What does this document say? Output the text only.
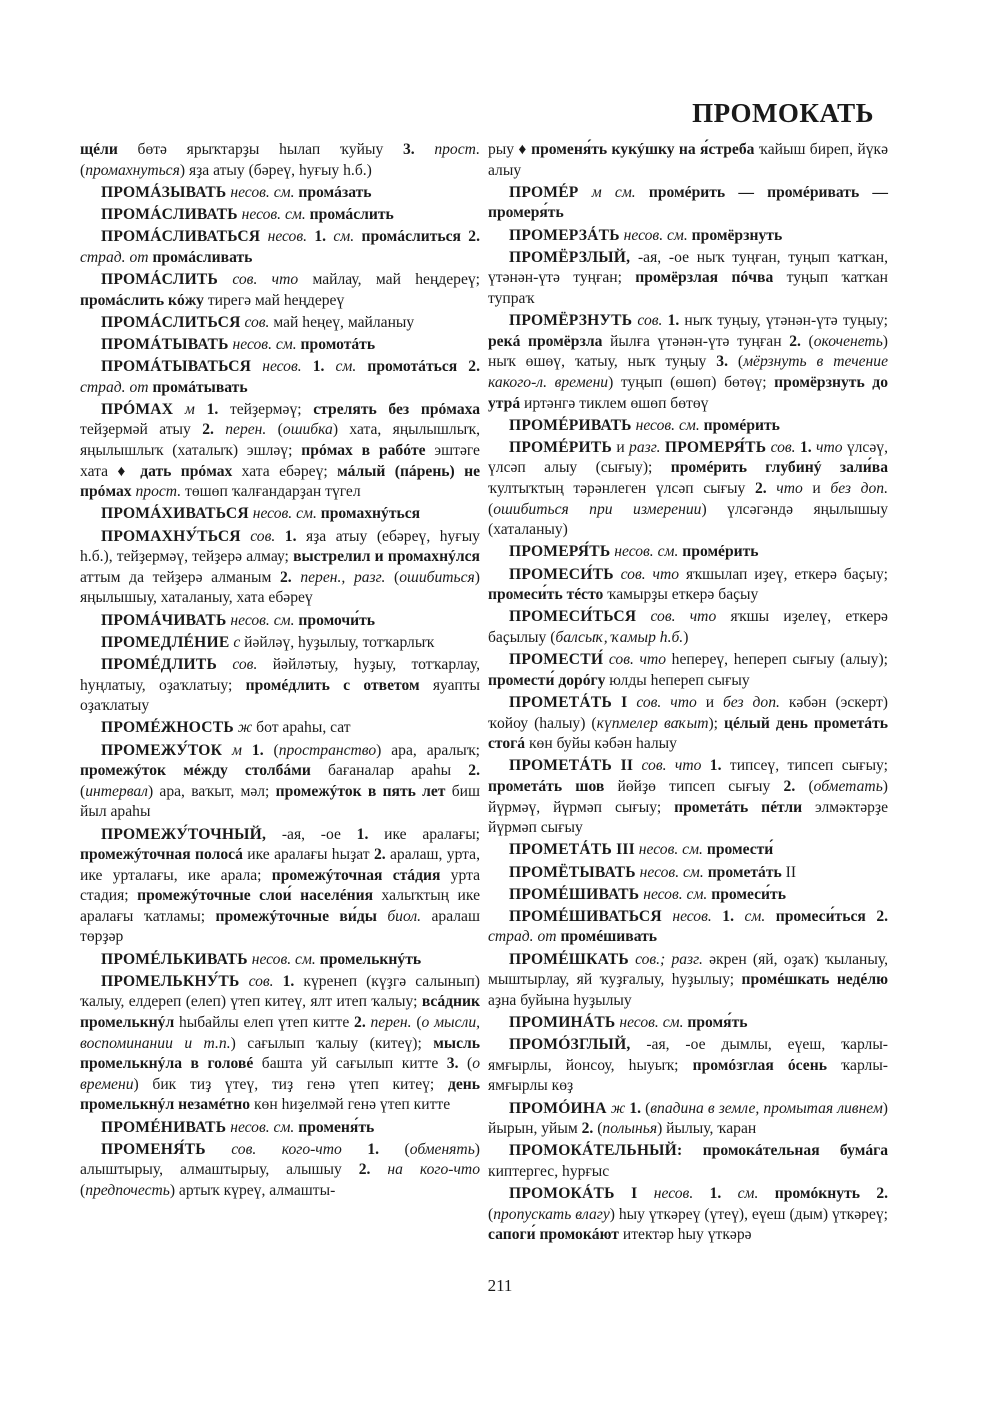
ПРОМОКАТЬ

щéли бөтә ярыҡтарҙы һылап ҡуйыу 3. прост. (промахнуться) яҙа атыу (бәреү, һуғыу һ.б.)

ПРОМÁЗЫВАТЬ несов. см. промáзать

ПРОМÁСЛИВАТЬ несов. см. промáслить

ПРОМÁСЛИВАТЬСЯ несов. 1. см. промáслиться 2. страд. от промáсливать

ПРОМÁСЛИТЬ сов. что майлау, май һеңдереү; промáслить кóжу тирегә май һеңдереү

ПРОМÁСЛИТЬСЯ сов. май һеңеү, майланыу

ПРОМÁТЫВАТЬ несов. см. промотáть

ПРОМÁТЫВАТЬСЯ несов. 1. см. промотáться 2. страд. от промáтывать

ПРÓМАХ м 1. тейҙермәү; стрелять без прóмаха тейҙермәй атыу 2. перен. (ошибка) хата, яңылышлыҡ, яңылышлыҡ (хаталыҡ) эшләү; прóмах в рабóте эштәге хата ♦ дать прóмах хата ебәреү; мáлый (пáрень) не прóмах прост. төшөп ҡалғандарҙан түгел

ПРОМÁХИВАТЬСЯ несов. см. промахнýться

ПРОМАХНУ́ТЬСЯ сов. 1. яҙа атыу (ебәреү, һуғыу һ.б.), тейҙермәү, тейҙерә алмау; выстрелил и промахнýлся аттым да тейҙерә алманым 2. перен., разг. (ошибиться) яңылышыу, хаталаныу, хата ебәреү

ПРОМÁЧИВАТЬ несов. см. промочи́ть

ПРОМЕДЛÉНИЕ с йәйләү, һуҙылыу, тотҡарлыҡ

ПРОМÉДЛИТЬ сов. йәйләтыу, һуҙыу, тотҡарлау, һуңлатыу, оҙаҡлатыу; промéдлить с ответом яуапты оҙаҡлатыу

ПРОМÉЖНОСТЬ ж бот араһы, сат

ПРОМЕЖУ́ТОК м 1. (пространство) ара, аралыҡ; промежýток мéжду столбáми бағаналар араһы 2. (интервал) ара, ваҡыт, мәл; промежýток в пять лет биш йыл араһы

ПРОМЕЖУ́ТОЧНЫЙ, -ая, -ое 1. ике аралағы; промежýточная полосá ике аралағы һыҙат 2. аралаш, урта, ике урталағы, ике арала; промежýточная стáдия урта стадия; промежýточные слои́ населéния халыҡтың ике аралағы ҡатламы; промежýточные ви́ды биол. аралаш төрҙәр

ПРОМÉЛЬКИВАТЬ несов. см. промелькнýть

ПРОМЕЛЬКНУ́ТЬ сов. 1. күренеп (күҙгә салынып) ҡалыу, елдереп (елеп) үтеп китеү, ялт итеп ҡалыу; всáдник промелькнýл һыбайлы елеп үтеп китте 2. перен. (о мысли, воспоминании и т.п.) сағылып ҡалыу (китеү); мысль промелькнýла в головé башта уй сағылып китте 3. (о времени) бик тиҙ үтеү, тиҙ генә үтеп китеү; день промелькнýл незамéтно көн һиҙелмәй генә үтеп китте

ПРОМÉНИВАТЬ несов. см. променя́ть

ПРОМЕНЯ́ТЬ сов. кого-что 1. (обменять) алыштырыу, алмаштырыу, алышыу 2. на кого-что (предпочесть) артыҡ күреү, алмашты-

рыу ♦ променя́ть кукýшку на я́стреба ҡайыш биреп, йүкә алыу

ПРОМÉР м см. промéрить — промéривать — промеря́ть

ПРОМЕРЗÁТЬ несов. см. промёрзнуть

ПРОМЁРЗЛЫЙ, -ая, -ое ныҡ туңған, туңып ҡатҡан, үтәнән-үтә туңған; промёрзлая пóчва туңып ҡатҡан тупраҡ

ПРОМЁРЗНУТЬ сов. 1. ныҡ туңыу, үтәнән-үтә туңыу; рекá промёрзла йылға үтәнән-үтә туңған 2. (окоченеть) ныҡ өшөү, ҡатыу, ныҡ туңыу 3. (мёрзнуть в течение какого-л. времени) туңып (өшөп) бөтөү; промёрзнуть до утрá иртәнгә тиклем өшөп бөтөү

ПРОМÉРИВАТЬ несов. см. промéрить

ПРОМÉРИТЬ и разг. ПРОМЕРЯ́ТЬ сов. 1. что үлсәү, үлсәп алыу (сығыу); промéрить глубинý зали́ва ҡултыҡтың тәрәнлеген үлсәп сығыу 2. что и без доп. (ошибиться при измерении) үлсәгәндә яңылышыу (хаталаныу)

ПРОМЕРЯ́ТЬ несов. см. промéрить

ПРОМЕСИ́ТЬ сов. что яҡшылап иҙеү, еткерә баҫыу; промеси́ть тéсто ҡамырҙы еткерә баҫыу

ПРОМЕСИ́ТЬСЯ сов. что яҡшы иҙелеү, еткерә баҫылыу (балсыҡ, ҡамыр һ.б.)

ПРОМЕСТИ́ сов. что һепереү, һепереп сығыу (алыу); промести́ дорóгу юлды һепереп сығыу

ПРОМЕТÁТЬ I сов. что и без доп. кәбән (эскерт) ҡойоу (һалыу) (күпмелер ваҡыт); цéлый день прометáть стогá көн буйы кәбән һалыу

ПРОМЕТÁТЬ II сов. что 1. типсеү, типсеп сығыу; прометáть шов йөйҙө типсеп сығыу 2. (обметать) йүрмәү, йүрмәп сығыу; прометáть пéтли элмәктәрҙе йүрмәп сығыу

ПРОМЕТÁТЬ III несов. см. промести́

ПРОМЁТЫВАТЬ несов. см. прометáть II

ПРОМÉШИВАТЬ несов. см. промеси́ть

ПРОМÉШИВАТЬСЯ несов. 1. см. промеси́ться 2. страд. от промéшивать

ПРОМÉШКАТЬ сов.; разг. әкрен (яй, оҙаҡ) ҡыланыу, мыштырлау, яй ҡуҙғалыу, һуҙылыу; промéшкать недéлю аҙна буйына һуҙылыу

ПРОМИНÁТЬ несов. см. промя́ть

ПРОМÓЗГЛЫЙ, -ая, -ое дымлы, еүеш, ҡарлы-ямғырлы, йонсоу, һыуыҡ; промóзглая óсень ҡарлы-ямғырлы көҙ

ПРОМÓИНА ж 1. (впадина в земле, промытая ливнем) йырын, уйым 2. (полынья) йылыу, ҡаран

ПРОМОКÁТЕЛЬНЫЙ: промокáтельная бумáга киптергес, һурғыс

ПРОМОКÁТЬ I несов. 1. см. промóкнуть 2. (пропускать влагу) һыу үткәреү (үтеү), еүеш (дым) үткәреү; сапоги́ промокáют итектәр һыу үткәрә

211
